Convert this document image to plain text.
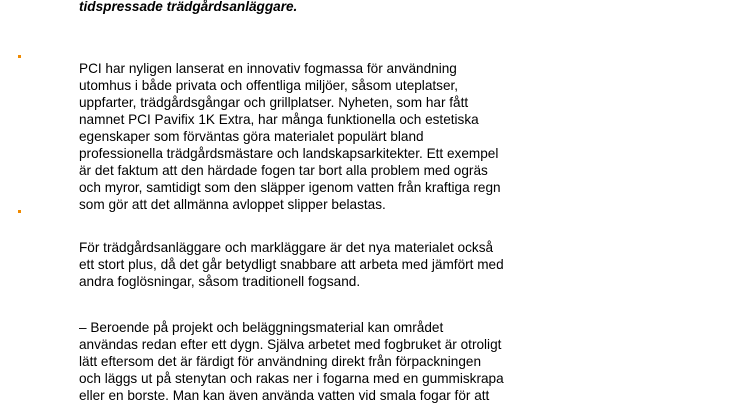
tidspressade trädgårdsanläggare.

PCI har nyligen lanserat en innovativ fogmassa för användning
utomhus i både privata och offentliga miljöer, såsom uteplatser,
uppfarter, trädgårdsgångar och grillplatser. Nyheten, som har fått
namnet PCI Pavifix 1K Extra, har många funktionella och estetiska
egenskaper som förväntas göra materialet populärt bland
professionella trädgårdsmästare och landskapsarkitekter. Ett exempel
är det faktum att den härdade fogen tar bort alla problem med ogräs
och myror, samtidigt som den släpper igenom vatten från kraftiga regn
som gör att det allmänna avloppet slipper belastas.

För trädgårdsanläggare och markläggare är det nya materialet också
ett stort plus, då det går betydligt snabbare att arbeta med jämfört med
andra foglösningar, såsom traditionell fogsand.

– Beroende på projekt och beläggningsmaterial kan området
användas redan efter ett dygn. Själva arbetet med fogbruket är otroligt
lätt eftersom det är färdigt för användning direkt från förpackningen
och läggs ut på stenytan och rakas ner i fogarna med en gummiskrapa
eller en borste. Man kan även använda vatten vid smala fogar för att
